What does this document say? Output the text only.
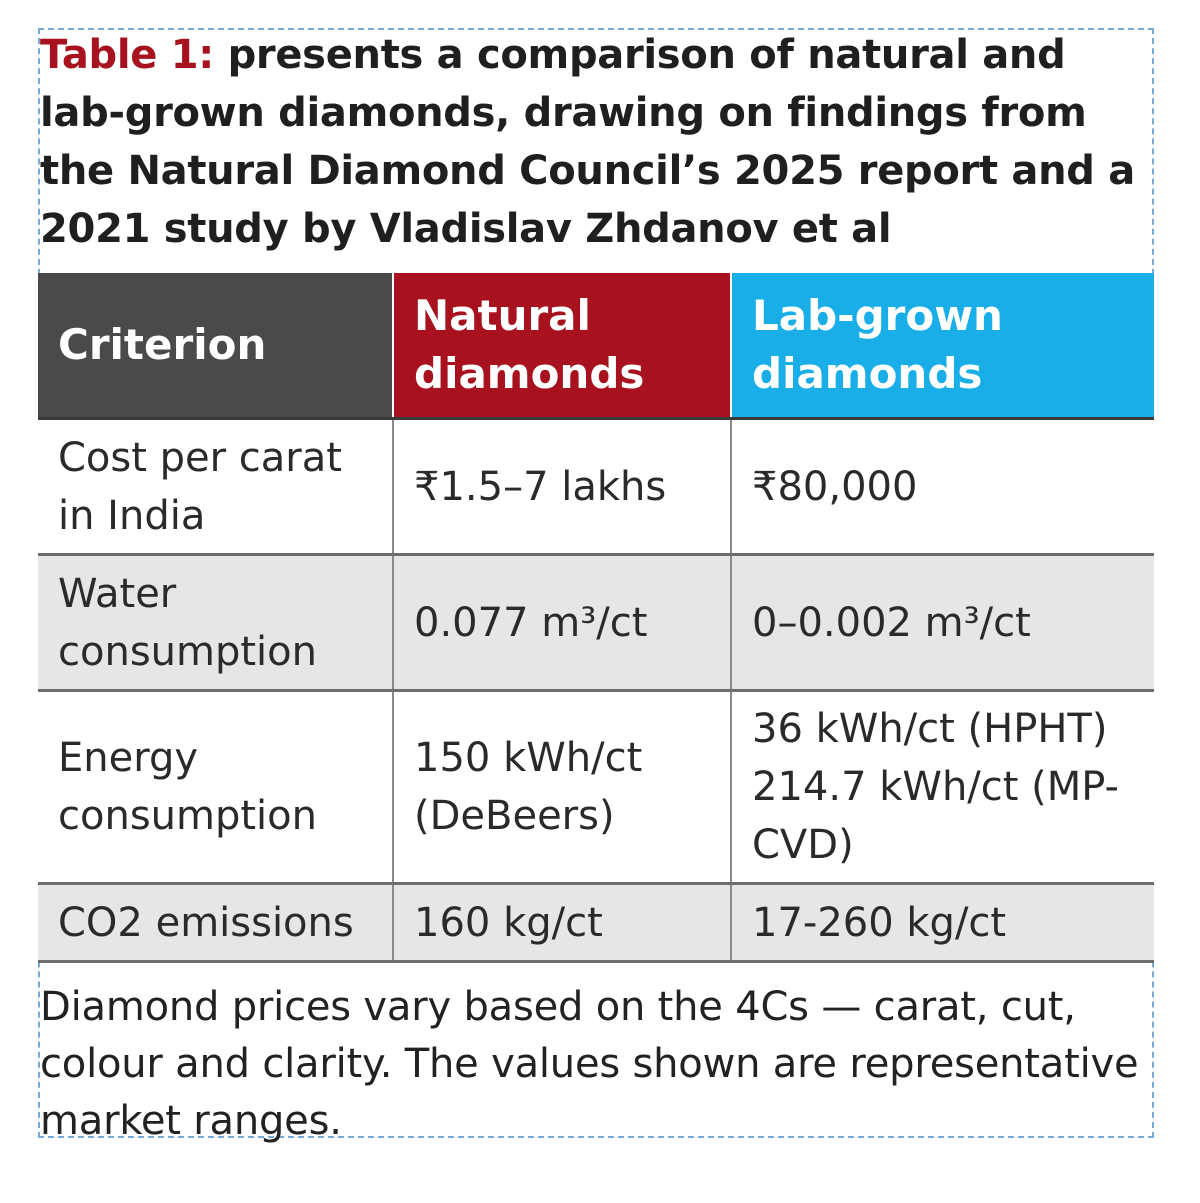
Table 1: presents a comparison of natural and lab-grown diamonds, drawing on findings from the Natural Diamond Council’s 2025 report and a 2021 study by Vladislav Zhdanov et al
Criterion	Natural diamonds	Lab-grown diamonds
Cost per carat in India	₹1.5–7 lakhs	₹80,000
Water consumption	0.077 m³/ct	0–0.002 m³/ct
Energy consumption	150 kWh/ct (DeBeers)	36 kWh/ct (HPHT) 214.7 kWh/ct (MP-CVD)
CO2 emissions	160 kg/ct	17-260 kg/ct

Diamond prices vary based on the 4Cs — carat, cut, colour and clarity. The values shown are representative market ranges.
